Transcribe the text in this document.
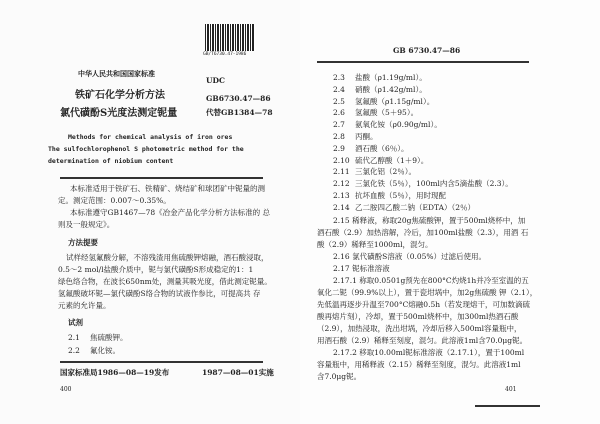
GB/T6730.47-1986
中华人民共和国国家标准
UDC
铁矿石化学分析方法
氯代磺酚S光度法测定铌量
GB6730.47—86
代替GB1384—78
Methods for chemical analysis of iron ores
The sulfochlorophenol S photometric method for the
determination of niobium content
本标准适用于铁矿石、铁精矿、烧结矿和球团矿中铌量的测
定。测定范围：0.007～0.35%。
本标准遵守GB1467—78《冶金产品化学分析方法标准的 总
则及一般规定》。
方法提要
试样经氢氟酸分解，不溶残渣用焦硫酸钾熔融，酒石酸浸取，
0.5～2 mol/l盐酸介质中，铌与氯代磺酚S形成稳定的1：1
绿色络合物，在波长650nm处，测量其吸光度，借此测定铌量。
氢氟酸破坏铌—氯代磺酚S络合物的试液作参比，可提高共 存
元素的允许量。
试剂
2.1 焦硫酸钾。
2.2 氟化铵。
国家标准局1986—08—19发布	1987—08—01实施
400
GB 6730.47—86
2.3 盐酸（ρ1.19g/ml）。
2.4 硝酸（ρ1.42g/ml）。
2.5 氢氟酸（ρ1.15g/ml）。
2.6 氢氟酸（5＋95）。
2.7 氨氧化铵（ρ0.90g/ml）。
2.8 丙酮。
2.9 酒石酸（6％）。
2.10 硫代乙醇酸（1＋9）。
2.11 三氯化铝（2％）。
2.12 三氯化铁（5％），100ml内含5滴盐酸（2.3）。
2.13 抗坏血酸（5％），用时现配
2.14 乙二胺四乙酸二钠（EDTA）（2％）
2.15 稀释液，称取20g焦硫酸钾，置于500ml烧杯中，加
酒石酸（2.9）加热溶解，冷后，加100ml盐酸（2.3），用酒 石
酸（2.9）稀释至1000ml，混匀。
2.16 氯代磺酚S溶液（0.05%）过滤后使用。
2.17 铌标准溶液
2.17.1 称取0.0501g预先在800°C灼烧1h并冷至室温的五
氧化二铌（99.9%以上），置于瓷坩埚中，加2g焦硫酸 钾（2.1），
先低温再逐步升温至700°C熔融0.5h（若发现熔干，可加数滴硫
酸再熔片刻），冷却，置于500ml烧杯中，加300ml热酒石酸
（2.9），加热浸取，洗出坩埚，冷却后移入500ml容量瓶中，
用酒石酸（2.9）稀释至刻度，混匀。此溶液1ml含70.0μg铌。
2.17.2 移取10.00ml铌标准溶液（2.17.1），置于100ml
容量瓶中，用稀释液（2.15）稀释至刻度，混匀。此溶液1ml
含7.0μg铌。
401
